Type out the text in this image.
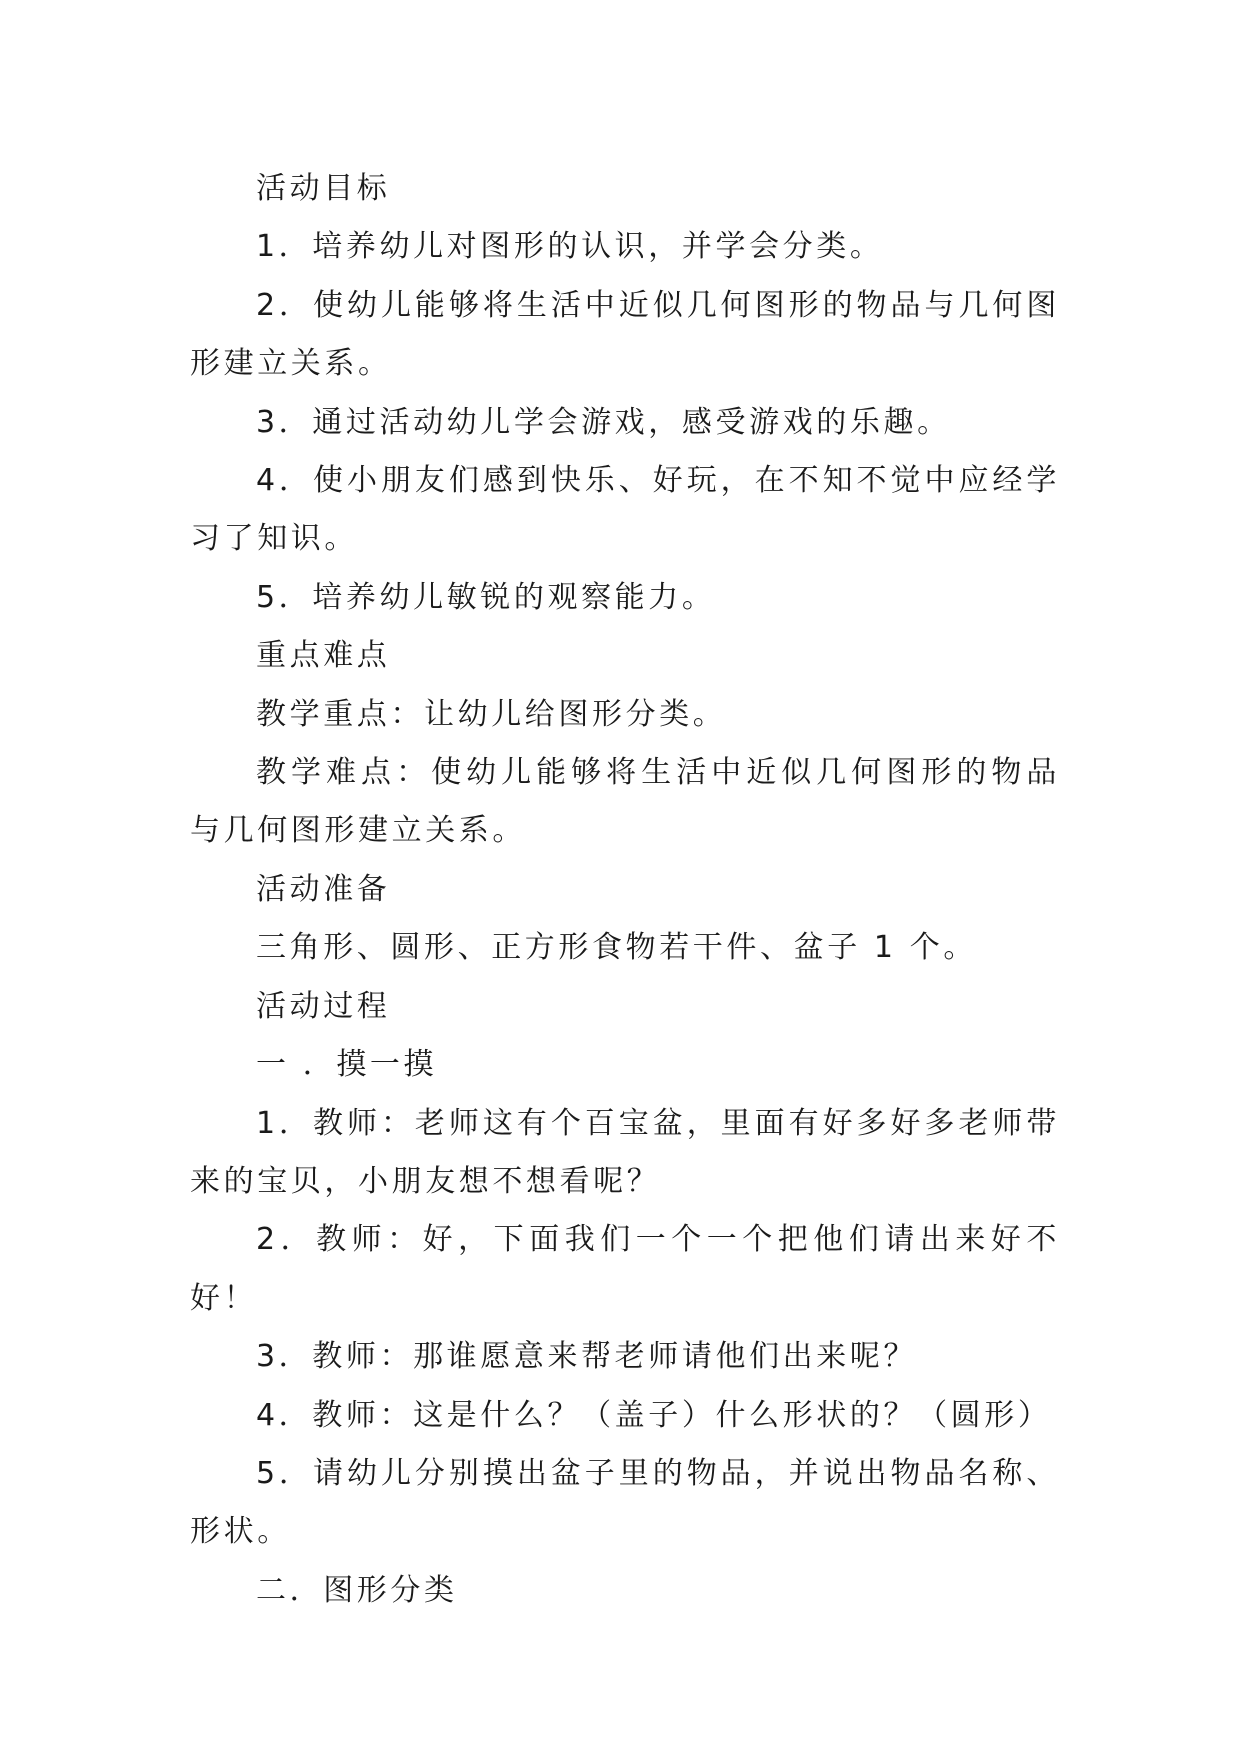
活动目标

1．培养幼儿对图形的认识，并学会分类。

2．使幼儿能够将生活中近似几何图形的物品与几何图形建立关系。

3．通过活动幼儿学会游戏，感受游戏的乐趣。

4．使小朋友们感到快乐、好玩，在不知不觉中应经学习了知识。

5．培养幼儿敏锐的观察能力。

重点难点

教学重点：让幼儿给图形分类。

教学难点：使幼儿能够将生活中近似几何图形的物品与几何图形建立关系。

活动准备

三角形、圆形、正方形食物若干件、盆子 1 个。

活动过程

一 ．摸一摸

1．教师：老师这有个百宝盆，里面有好多好多老师带来的宝贝，小朋友想不想看呢？

2．教师：好，下面我们一个一个把他们请出来好不好！

3．教师：那谁愿意来帮老师请他们出来呢？

4．教师：这是什么？（盖子）什么形状的？（圆形）

5．请幼儿分别摸出盆子里的物品，并说出物品名称、形状。

二．图形分类
